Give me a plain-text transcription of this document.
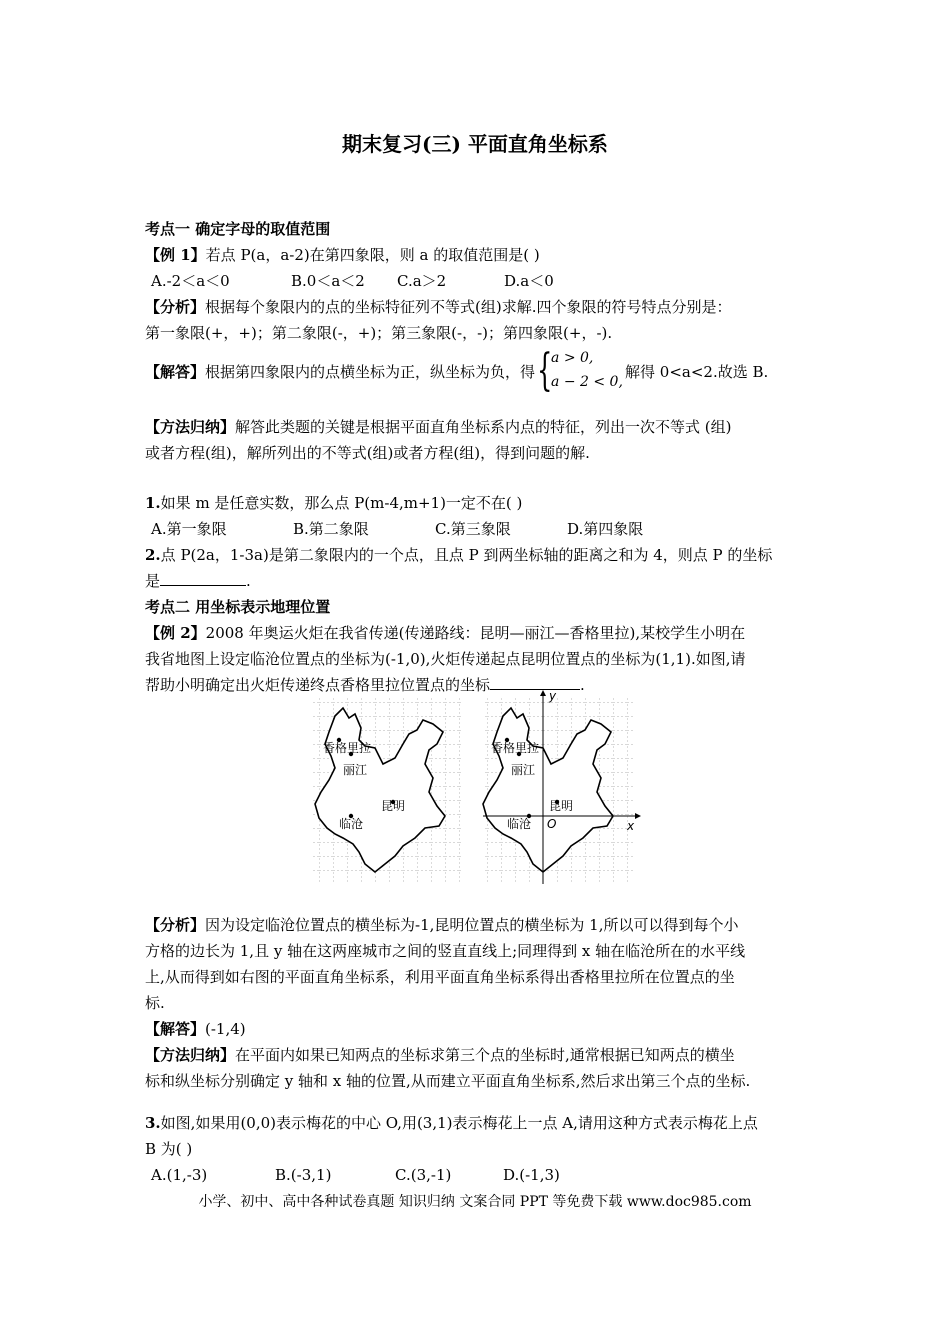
期末复习(三) 平面直角坐标系

考点一 确定字母的取值范围

【例 1】若点 P(a，a-2)在第四象限，则 a 的取值范围是( )

A.-2＜a＜0	B.0＜a＜2	C.a＞2	D.a＜0

【分析】根据每个象限内的点的坐标特征列不等式(组)求解.四个象限的符号特点分别是：

第一象限(+，+)；第二象限(-，+)；第三象限(-，-)；第四象限(+，-).

【解答】根据第四象限内的点横坐标为正，纵坐标为负，得 {
a > 0,
a − 2 < 0,
解得 0<a<2.故选 B.

【方法归纳】解答此类题的关键是根据平面直角坐标系内点的特征，列出一次不等式 (组)

或者方程(组)，解所列出的不等式(组)或者方程(组)，得到问题的解.

1.如果 m 是任意实数，那么点 P(m-4,m+1)一定不在( )

A.第一象限	B.第二象限	C.第三象限	D.第四象限

2.点 P(2a，1-3a)是第二象限内的一个点，且点 P 到两坐标轴的距离之和为 4，则点 P 的坐标

是	.

考点二 用坐标表示地理位置

【例 2】2008 年奥运火炬在我省传递(传递路线：昆明—丽江—香格里拉),某校学生小明在

我省地图上设定临沧位置点的坐标为(-1,0),火炬传递起点昆明位置点的坐标为(1,1).如图,请

帮助小明确定出火炬传递终点香格里拉位置点的坐标	.

香格里拉
丽江
昆明
临沧
香格里拉
丽江
昆明
临沧 O	x
y

【分析】因为设定临沧位置点的横坐标为-1,昆明位置点的横坐标为 1,所以可以得到每个小

方格的边长为 1,且 y 轴在这两座城市之间的竖直直线上;同理得到 x 轴在临沧所在的水平线

上,从而得到如右图的平面直角坐标系，利用平面直角坐标系得出香格里拉所在位置点的坐

标.

【解答】(-1,4)

【方法归纳】在平面内如果已知两点的坐标求第三个点的坐标时,通常根据已知两点的横坐

标和纵坐标分别确定 y 轴和 x 轴的位置,从而建立平面直角坐标系,然后求出第三个点的坐标.

3.如图,如果用(0,0)表示梅花的中心 O,用(3,1)表示梅花上一点 A,请用这种方式表示梅花上点

B 为( )

A.(1,-3)	B.(-3,1)	C.(3,-1)	D.(-1,3)

小学、初中、高中各种试卷真题 知识归纳 文案合同 PPT 等免费下载 www.doc985.com
